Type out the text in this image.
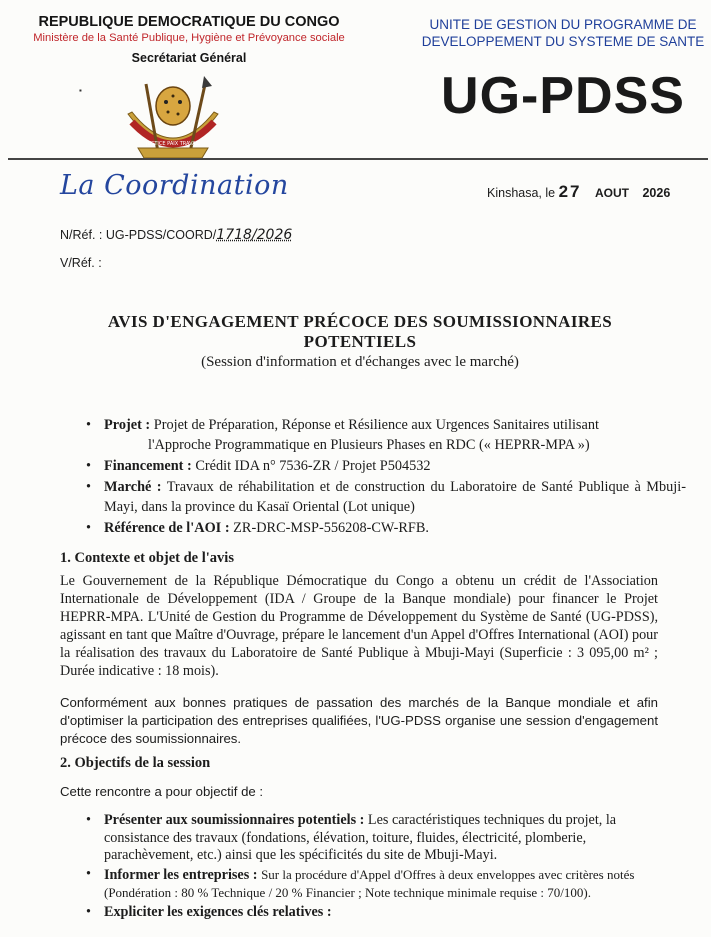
REPUBLIQUE DEMOCRATIQUE DU CONGO
Ministère de la Santé Publique, Hygiène et Prévoyance sociale
Secrétariat Général
JUSTICE PAIX TRAVAIL
▪
UNITE DE GESTION DU PROGRAMME DE
DEVELOPPEMENT DU SYSTEME DE SANTE
UG-PDSS
La Coordination	Kinshasa, le 27 AOUT 2026
N/Réf. : UG-PDSS/COORD/1718/2026
V/Réf. :
AVIS D'ENGAGEMENT PRÉCOCE DES SOUMISSIONNAIRES
POTENTIELS
(Session d'information et d'échanges avec le marché)
• Projet : Projet de Préparation, Réponse et Résilience aux Urgences Sanitaires utilisant
l'Approche Programmatique en Plusieurs Phases en RDC (« HEPRR-MPA »)
• Financement : Crédit IDA n° 7536-ZR / Projet P504532
• Marché : Travaux de réhabilitation et de construction du Laboratoire de Santé Publique à Mbuji-Mayi, dans la province du Kasaï Oriental (Lot unique)
• Référence de l'AOI : ZR-DRC-MSP-556208-CW-RFB.
1. Contexte et objet de l'avis
Le Gouvernement de la République Démocratique du Congo a obtenu un crédit de l'Association Internationale de Développement (IDA / Groupe de la Banque mondiale) pour financer le Projet HEPRR-MPA. L'Unité de Gestion du Programme de Développement du Système de Santé (UG-PDSS), agissant en tant que Maître d'Ouvrage, prépare le lancement d'un Appel d'Offres International (AOI) pour la réalisation des travaux du Laboratoire de Santé Publique à Mbuji-Mayi (Superficie : 3 095,00 m² ; Durée indicative : 18 mois).
Conformément aux bonnes pratiques de passation des marchés de la Banque mondiale et afin d'optimiser la participation des entreprises qualifiées, l'UG-PDSS organise une session d'engagement précoce des soumissionnaires.
2. Objectifs de la session
Cette rencontre a pour objectif de :
• Présenter aux soumissionnaires potentiels : Les caractéristiques techniques du projet, la consistance des travaux (fondations, élévation, toiture, fluides, électricité, plomberie, parachèvement, etc.) ainsi que les spécificités du site de Mbuji-Mayi.
• Informer les entreprises : Sur la procédure d'Appel d'Offres à deux enveloppes avec critères notés (Pondération : 80 % Technique / 20 % Financier ; Note technique minimale requise : 70/100).
• Expliciter les exigences clés relatives :
